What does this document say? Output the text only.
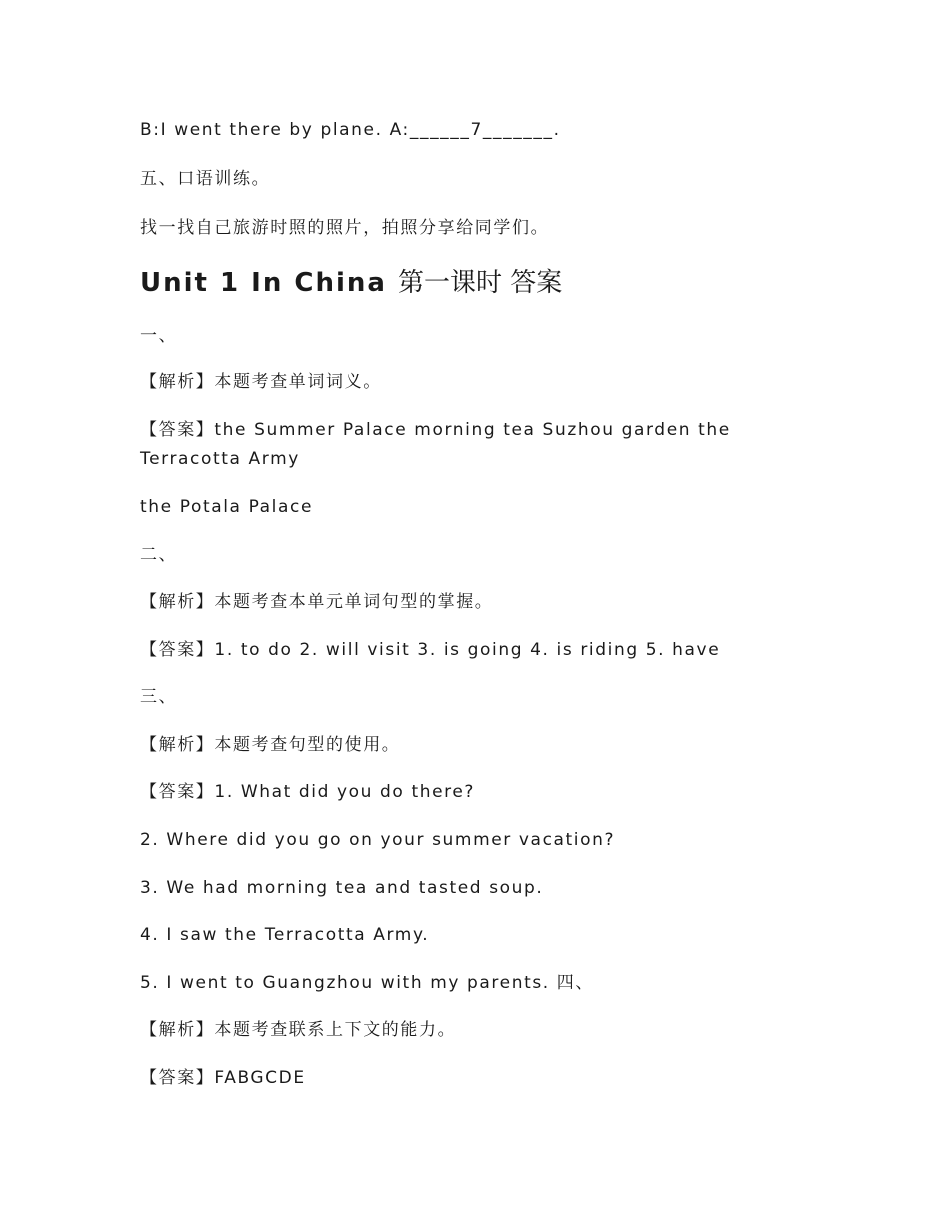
B:I went there by plane. A:______7_______.
五、口语训练。
找一找自己旅游时照的照片，拍照分享给同学们。
Unit 1 In China 第一课时 答案
一、
【解析】本题考查单词词义。
【答案】the Summer Palace morning tea Suzhou garden the Terracotta Army
the Potala Palace
二、
【解析】本题考查本单元单词句型的掌握。
【答案】1. to do 2. will visit 3. is going 4. is riding 5. have
三、
【解析】本题考查句型的使用。
【答案】1. What did you do there?
2. Where did you go on your summer vacation?
3. We had morning tea and tasted soup.
4. I saw the Terracotta Army.
5. I went to Guangzhou with my parents. 四、
【解析】本题考查联系上下文的能力。
【答案】FABGCDE
